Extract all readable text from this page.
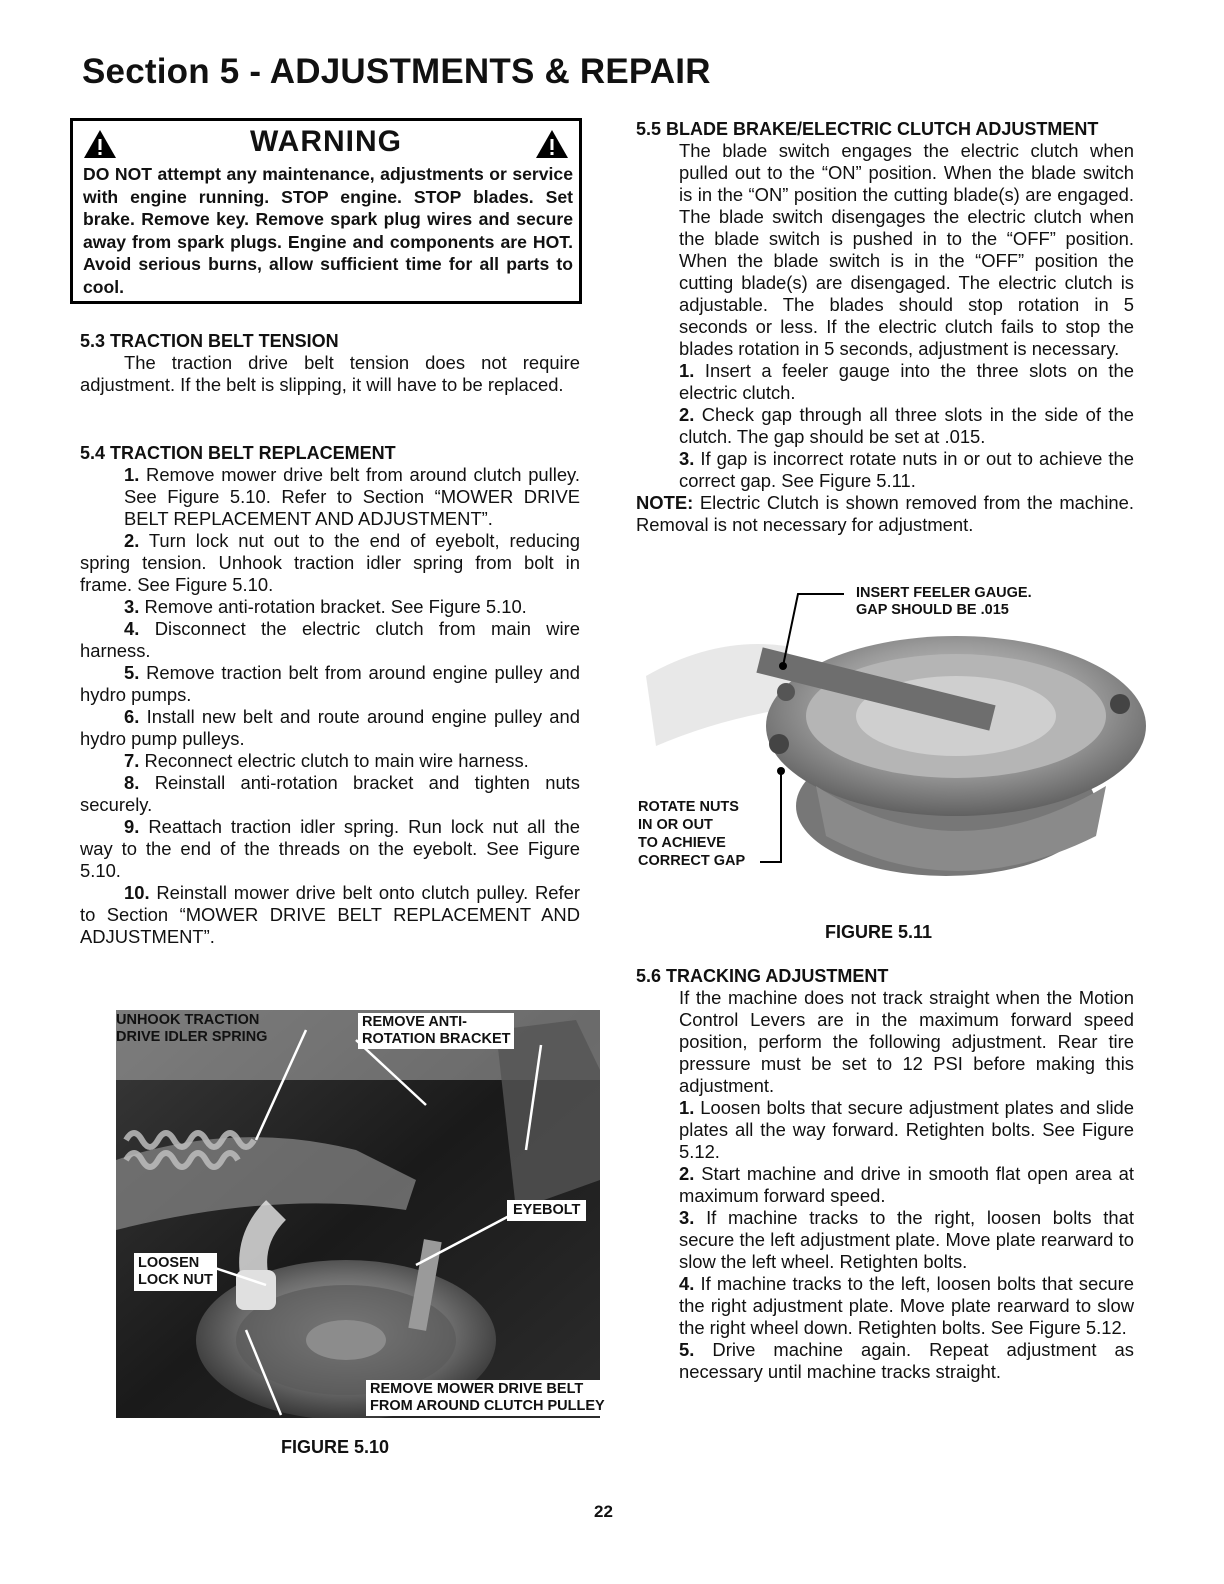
Section 5 - ADJUSTMENTS & REPAIR
WARNING
DO NOT attempt any maintenance, adjustments or service with engine running. STOP engine. STOP blades. Set brake. Remove key. Remove spark plug wires and secure away from spark plugs. Engine and components are HOT. Avoid serious burns, allow sufficient time for all parts to cool.
5.3 TRACTION BELT TENSION
The traction drive belt tension does not require adjustment. If the belt is slipping, it will have to be replaced.
5.4 TRACTION BELT REPLACEMENT
1. Remove mower drive belt from around clutch pulley. See Figure 5.10. Refer to Section “MOWER DRIVE BELT REPLACEMENT AND ADJUSTMENT”.
2. Turn lock nut out to the end of eyebolt, reducing spring tension. Unhook traction idler spring from bolt in frame. See Figure 5.10.
3. Remove anti-rotation bracket. See Figure 5.10.
4. Disconnect the electric clutch from main wire harness.
5. Remove traction belt from around engine pulley and hydro pumps.
6. Install new belt and route around engine pulley and hydro pump pulleys.
7. Reconnect electric clutch to main wire harness.
8. Reinstall anti-rotation bracket and tighten nuts securely.
9. Reattach traction idler spring. Run lock nut all the way to the end of the threads on the eyebolt. See Figure 5.10.
10. Reinstall mower drive belt onto clutch pulley. Refer to Section “MOWER DRIVE BELT REPLACEMENT AND ADJUSTMENT”.
UNHOOK TRACTION
DRIVE IDLER SPRING
REMOVE ANTI-
ROTATION BRACKET
EYEBOLT
LOOSEN
LOCK NUT
REMOVE MOWER DRIVE BELT
FROM AROUND CLUTCH PULLEY
FIGURE 5.10
5.5 BLADE BRAKE/ELECTRIC CLUTCH ADJUSTMENT
The blade switch engages the electric clutch when pulled out to the “ON” position. When the blade switch is in the “ON” position the cutting blade(s) are engaged. The blade switch disengages the electric clutch when the blade switch is pushed in to the “OFF” position. When the blade switch is in the “OFF” position the cutting blade(s) are disengaged. The electric clutch is adjustable. The blades should stop rotation in 5 seconds or less. If the electric clutch fails to stop the blades rotation in 5 seconds, adjustment is necessary.
1. Insert a feeler gauge into the three slots on the electric clutch.
2. Check gap through all three slots in the side of the clutch. The gap should be set at .015.
3. If gap is incorrect rotate nuts in or out to achieve the correct gap. See Figure 5.11.
NOTE: Electric Clutch is shown removed from the machine. Removal is not necessary for adjustment.
INSERT FEELER GAUGE.
GAP SHOULD BE .015
ROTATE NUTS
IN OR OUT
TO ACHIEVE
CORRECT GAP
FIGURE 5.11
5.6 TRACKING ADJUSTMENT
If the machine does not track straight when the Motion Control Levers are in the maximum forward speed position, perform the following adjustment. Rear tire pressure must be set to 12 PSI before making this adjustment.
1. Loosen bolts that secure adjustment plates and slide plates all the way forward. Retighten bolts. See Figure 5.12.
2. Start machine and drive in smooth flat open area at maximum forward speed.
3. If machine tracks to the right, loosen bolts that secure the left adjustment plate. Move plate rearward to slow the left wheel. Retighten bolts.
4. If machine tracks to the left, loosen bolts that secure the right adjustment plate. Move plate rearward to slow the right wheel down. Retighten bolts. See Figure 5.12.
5. Drive machine again. Repeat adjustment as necessary until machine tracks straight.
22
